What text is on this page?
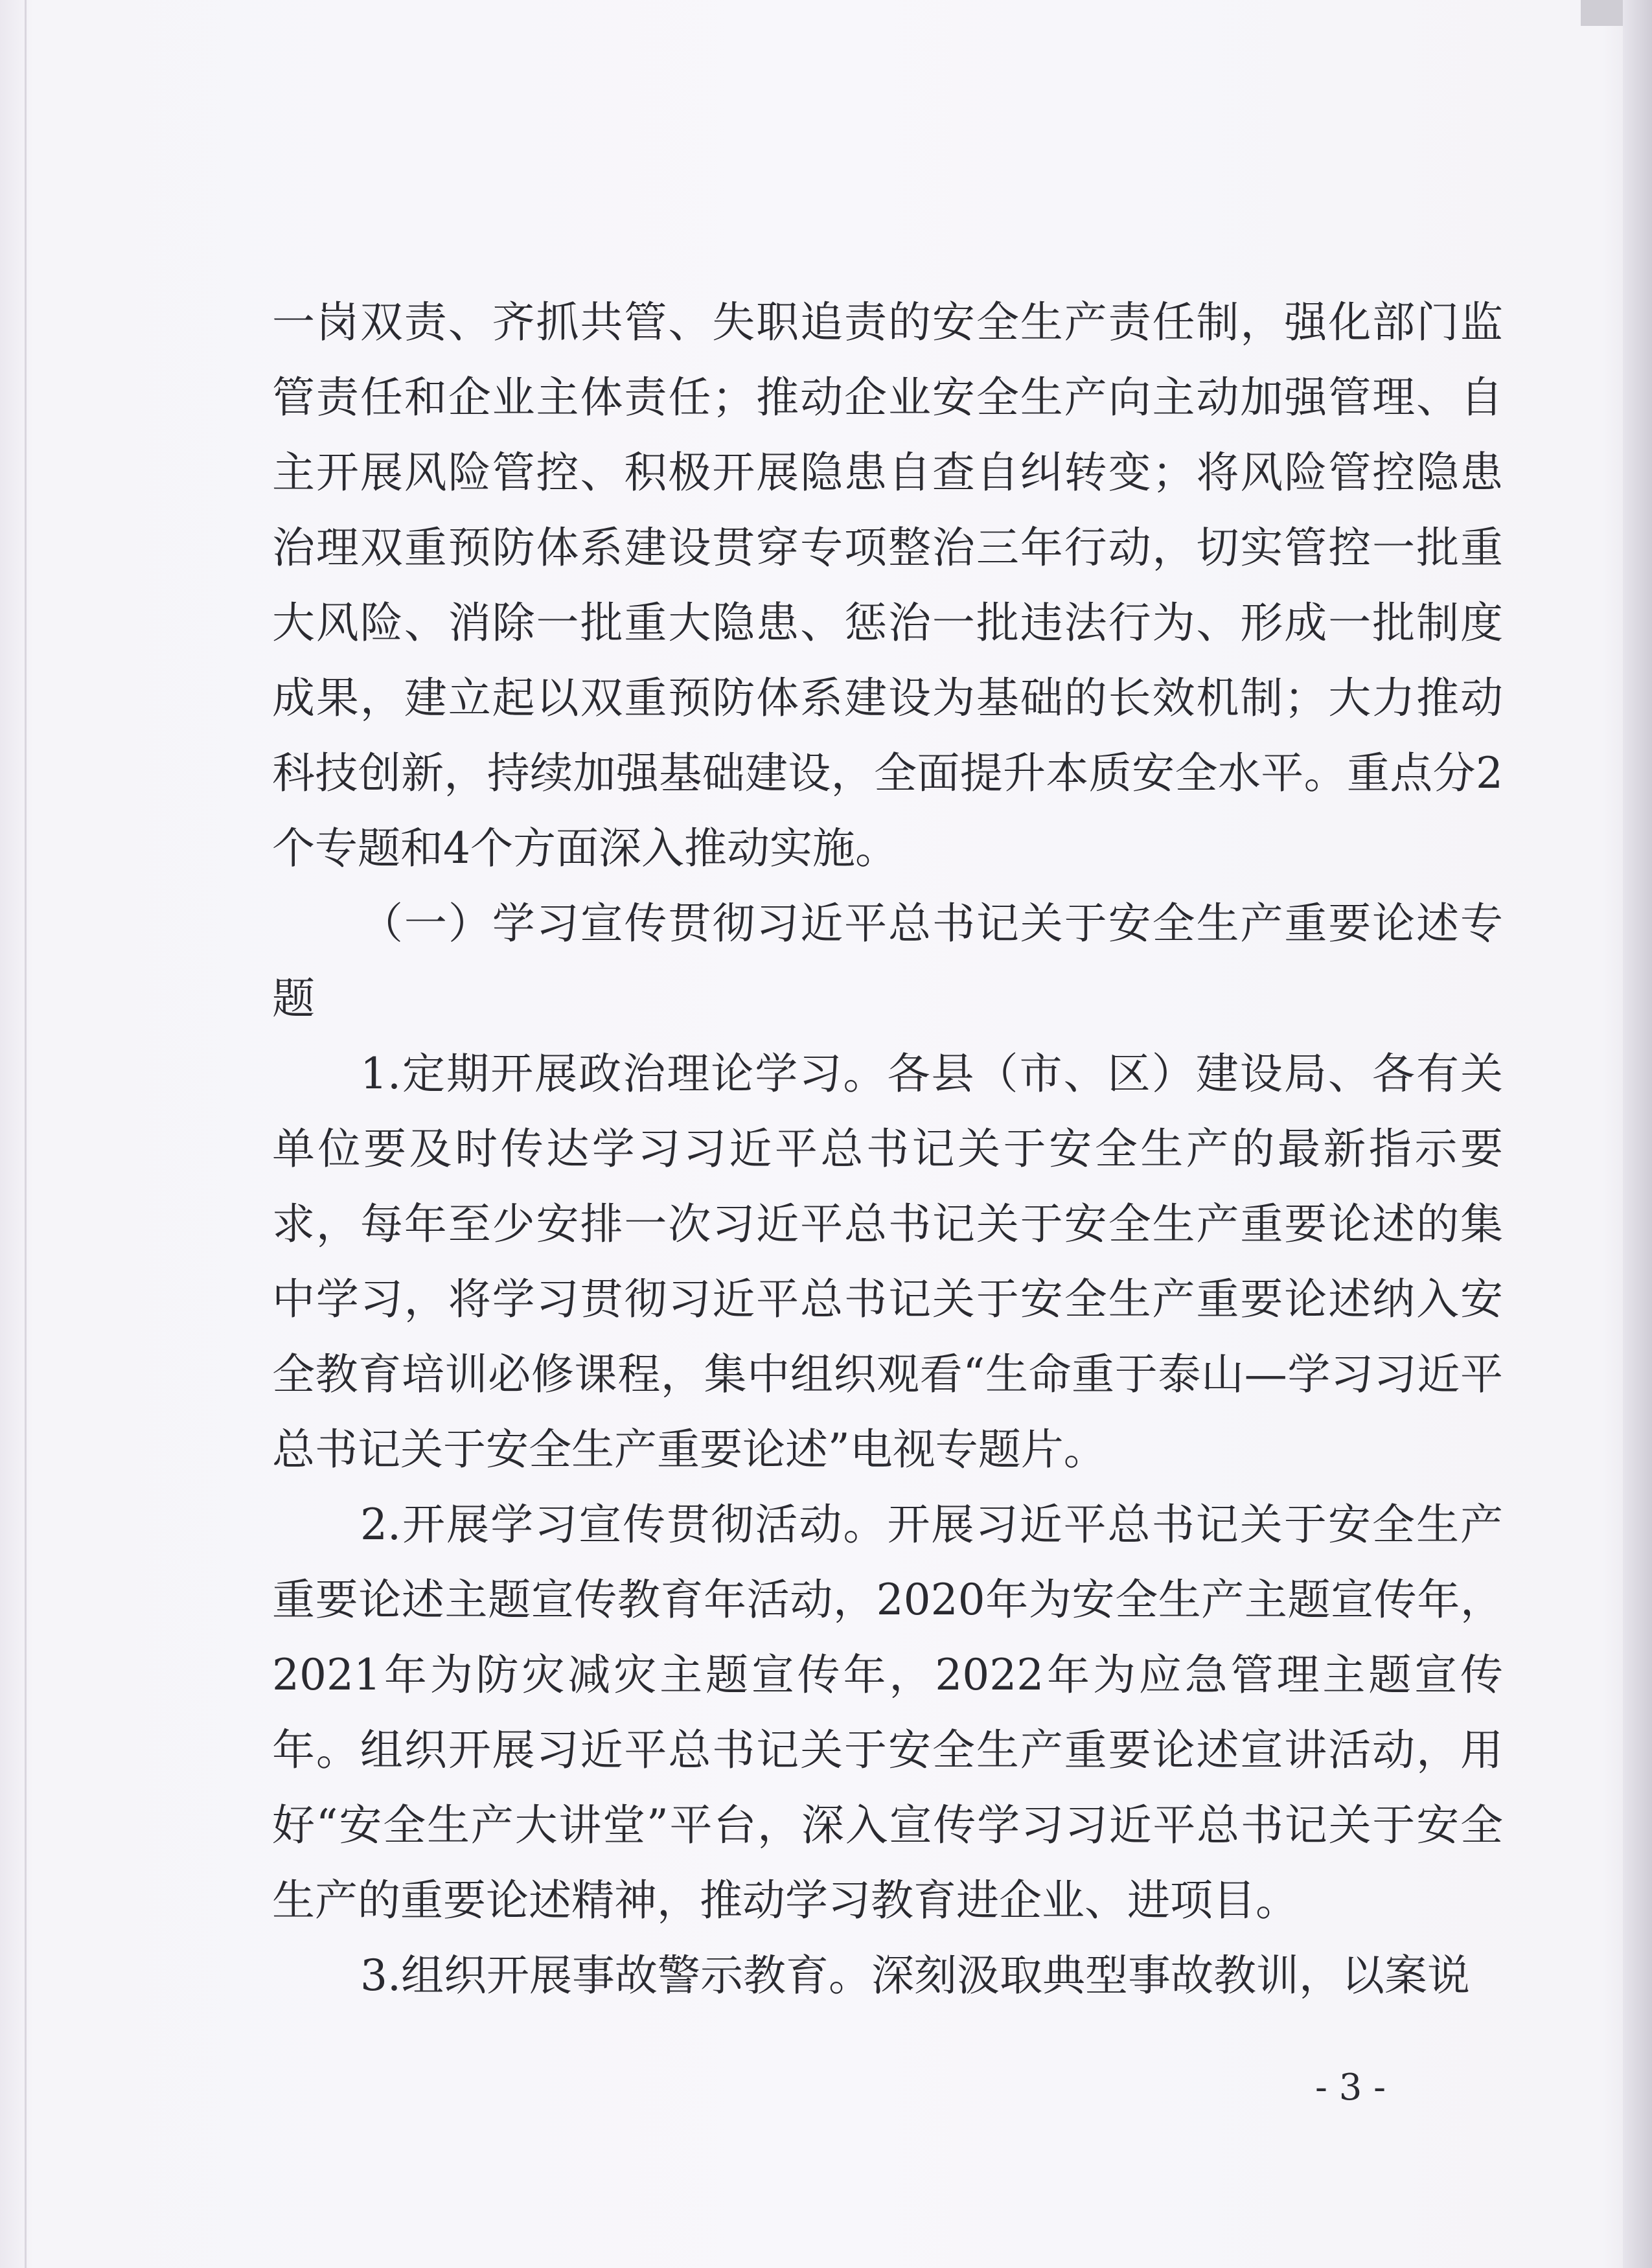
一岗双责、齐抓共管、失职追责的安全生产责任制，强化部门监管责任和企业主体责任；推动企业安全生产向主动加强管理、自主开展风险管控、积极开展隐患自查自纠转变；将风险管控隐患治理双重预防体系建设贯穿专项整治三年行动，切实管控一批重大风险、消除一批重大隐患、惩治一批违法行为、形成一批制度成果，建立起以双重预防体系建设为基础的长效机制；大力推动科技创新，持续加强基础建设，全面提升本质安全水平。重点分2个专题和4个方面深入推动实施。

（一）学习宣传贯彻习近平总书记关于安全生产重要论述专题

1.定期开展政治理论学习。各县（市、区）建设局、各有关单位要及时传达学习习近平总书记关于安全生产的最新指示要求，每年至少安排一次习近平总书记关于安全生产重要论述的集中学习，将学习贯彻习近平总书记关于安全生产重要论述纳入安全教育培训必修课程，集中组织观看“生命重于泰山—学习习近平总书记关于安全生产重要论述”电视专题片。

2.开展学习宣传贯彻活动。开展习近平总书记关于安全生产重要论述主题宣传教育年活动，2020年为安全生产主题宣传年，2021年为防灾减灾主题宣传年，2022年为应急管理主题宣传年。组织开展习近平总书记关于安全生产重要论述宣讲活动，用好“安全生产大讲堂”平台，深入宣传学习习近平总书记关于安全生产的重要论述精神，推动学习教育进企业、进项目。

3.组织开展事故警示教育。深刻汲取典型事故教训，以案说

- 3 -
